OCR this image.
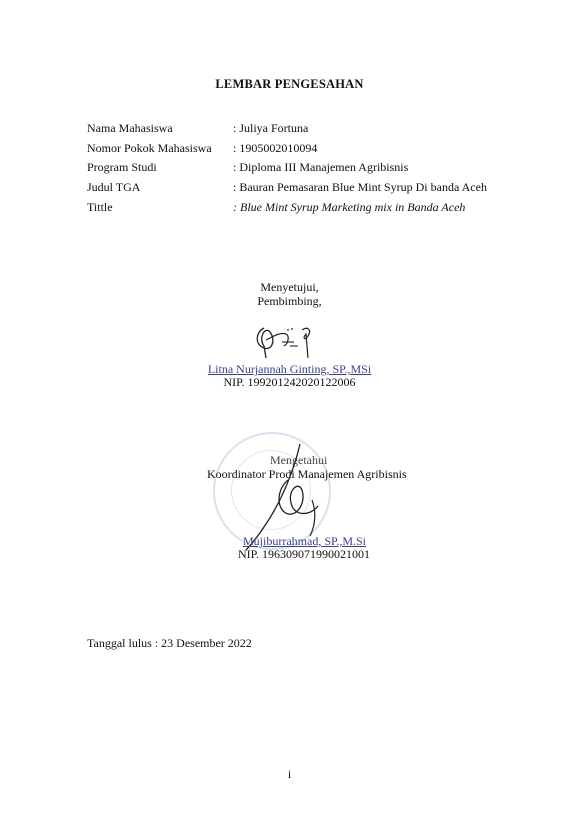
LEMBAR PENGESAHAN
Nama Mahasiswa	: Juliya Fortuna
Nomor Pokok Mahasiswa	: 1905002010094
Program Studi	: Diploma III Manajemen Agribisnis
Judul TGA	: Bauran Pemasaran Blue Mint Syrup Di banda Aceh
Tittle	: Blue Mint Syrup Marketing mix in Banda Aceh
Menyetujui,
Pembimbing,
Litna Nurjannah Ginting, SP.,MSi
NIP. 199201242020122006
Mengetahui
Koordinator Prodi Manajemen Agribisnis
Mujiburrahmad, SP.,M.Si
NIP. 196309071990021001
Tanggal lulus : 23 Desember 2022
i
